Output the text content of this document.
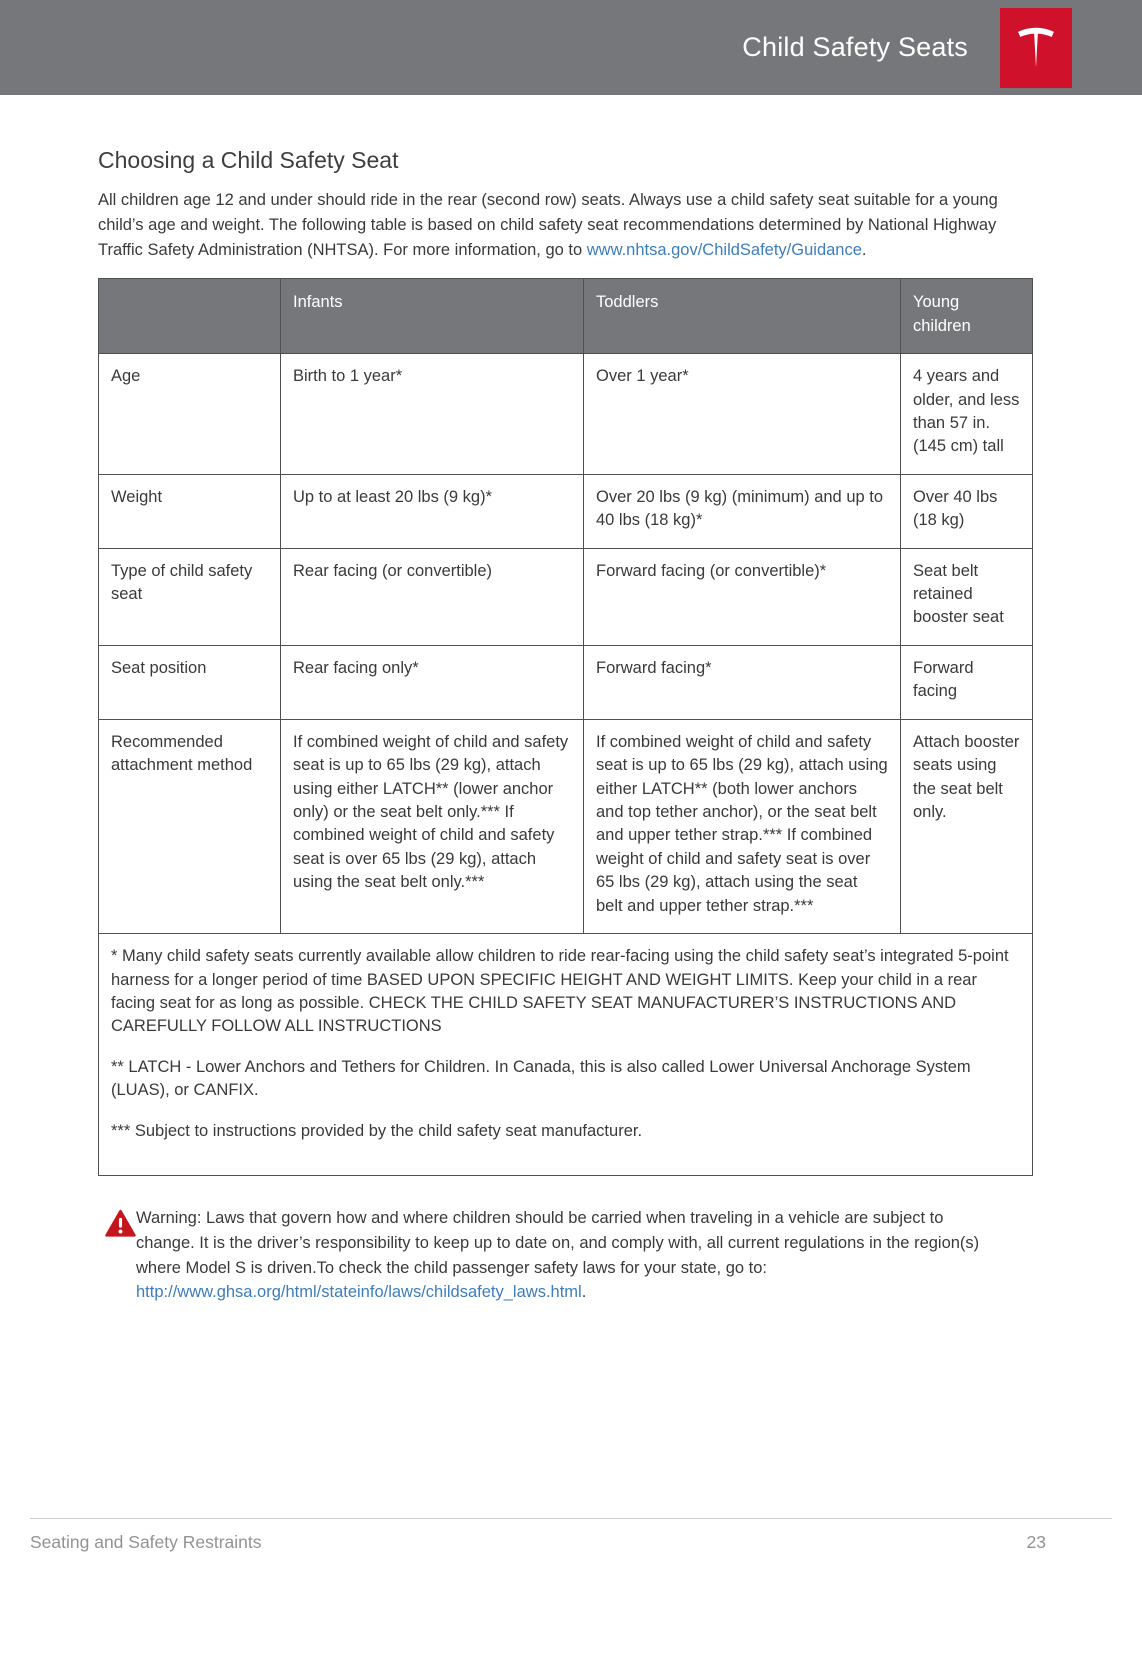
Child Safety Seats
Choosing a Child Safety Seat

All children age 12 and under should ride in the rear (second row) seats. Always use a child safety seat suitable for a young child’s age and weight. The following table is based on child safety seat recommendations determined by National Highway Traffic Safety Administration (NHTSA). For more information, go to www.nhtsa.gov/ChildSafety/Guidance.

	Infants	Toddlers	Young children
Age	Birth to 1 year*	Over 1 year*	4 years and older, and less than 57 in. (145 cm) tall
Weight	Up to at least 20 lbs (9 kg)*	Over 20 lbs (9 kg) (minimum) and up to 40 lbs (18 kg)*	Over 40 lbs (18 kg)
Type of child safety seat	Rear facing (or convertible)	Forward facing (or convertible)*	Seat belt retained booster seat
Seat position	Rear facing only*	Forward facing*	Forward facing
Recommended attachment method	If combined weight of child and safety seat is up to 65 lbs (29 kg), attach using either LATCH** (lower anchor only) or the seat belt only.*** If combined weight of child and safety seat is over 65 lbs (29 kg), attach using the seat belt only.***	If combined weight of child and safety seat is up to 65 lbs (29 kg), attach using either LATCH** (both lower anchors and top tether anchor), or the seat belt and upper tether strap.*** If combined weight of child and safety seat is over 65 lbs (29 kg), attach using the seat belt and upper tether strap.***	Attach booster seats using the seat belt only.

* Many child safety seats currently available allow children to ride rear-facing using the child safety seat’s integrated 5-point harness for a longer period of time BASED UPON SPECIFIC HEIGHT AND WEIGHT LIMITS. Keep your child in a rear facing seat for as long as possible. CHECK THE CHILD SAFETY SEAT MANUFACTURER’S INSTRUCTIONS AND CAREFULLY FOLLOW ALL INSTRUCTIONS

** LATCH - Lower Anchors and Tethers for Children. In Canada, this is also called Lower Universal Anchorage System (LUAS), or CANFIX.

*** Subject to instructions provided by the child safety seat manufacturer.			

Warning: Laws that govern how and where children should be carried when traveling in a vehicle are subject to change. It is the driver’s responsibility to keep up to date on, and comply with, all current regulations in the region(s) where Model S is driven.To check the child passenger safety laws for your state, go to: http://www.ghsa.org/html/stateinfo/laws/childsafety_laws.html.

Seating and Safety Restraints	23
